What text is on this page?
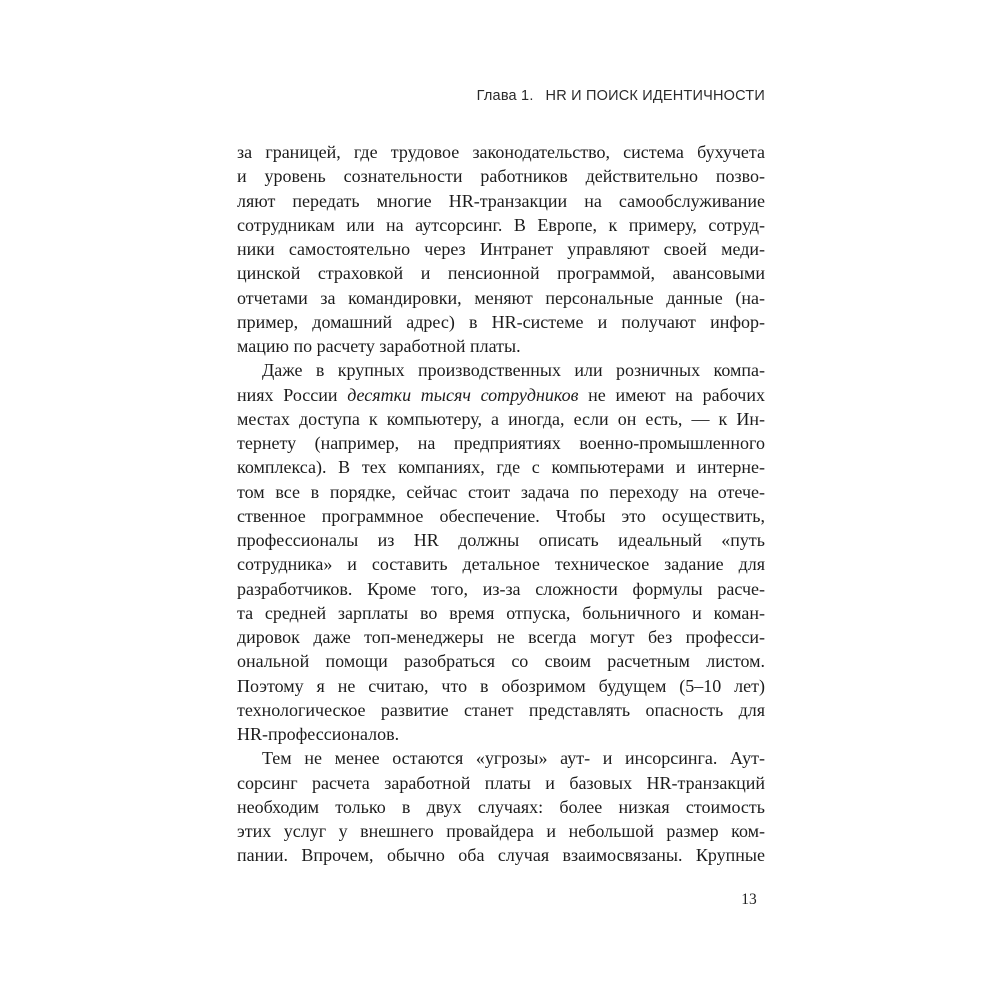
Глава 1. HR И ПОИСК ИДЕНТИЧНОСТИ
за границей, где трудовое законодательство, система бухучета
и уровень сознательности работников действительно позво-
ляют передать многие HR-транзакции на самообслуживание
сотрудникам или на аутсорсинг. В Европе, к примеру, сотруд-
ники самостоятельно через Интранет управляют своей меди-
цинской страховкой и пенсионной программой, авансовыми
отчетами за командировки, меняют персональные данные (на-
пример, домашний адрес) в HR-системе и получают инфор-
мацию по расчету заработной платы.
Даже в крупных производственных или розничных компа-
ниях России десятки тысяч сотрудников не имеют на рабочих
местах доступа к компьютеру, а иногда, если он есть, — к Ин-
тернету (например, на предприятиях военно-промышленного
комплекса). В тех компаниях, где с компьютерами и интерне-
том все в порядке, сейчас стоит задача по переходу на отече-
ственное программное обеспечение. Чтобы это осуществить,
профессионалы из HR должны описать идеальный «путь
сотрудника» и составить детальное техническое задание для
разработчиков. Кроме того, из-за сложности формулы расче-
та средней зарплаты во время отпуска, больничного и коман-
дировок даже топ-менеджеры не всегда могут без професси-
ональной помощи разобраться со своим расчетным листом.
Поэтому я не считаю, что в обозримом будущем (5–10 лет)
технологическое развитие станет представлять опасность для
HR-профессионалов.
Тем не менее остаются «угрозы» аут- и инсорсинга. Аут-
сорсинг расчета заработной платы и базовых HR-транзакций
необходим только в двух случаях: более низкая стоимость
этих услуг у внешнего провайдера и небольшой размер ком-
пании. Впрочем, обычно оба случая взаимосвязаны. Крупные
13
